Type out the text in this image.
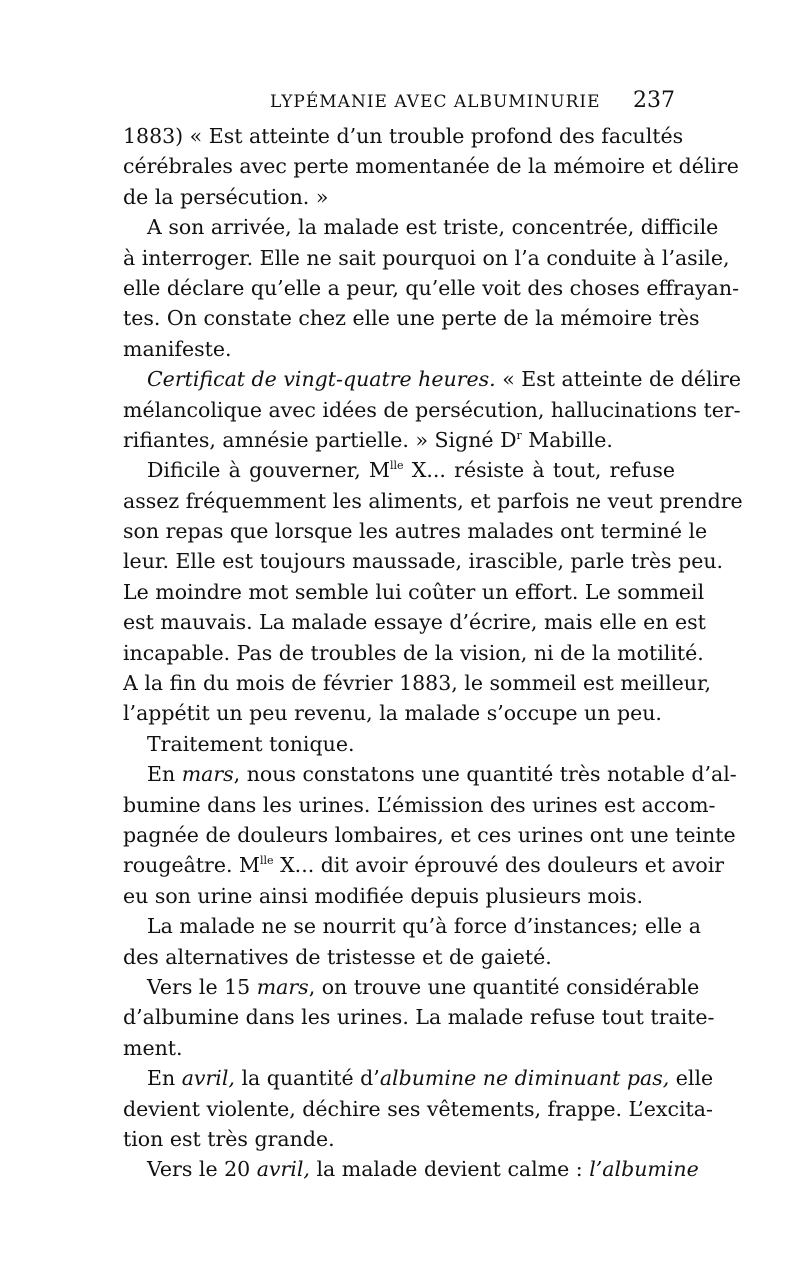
LYPÉMANIE AVEC ALBUMINURIE 237
1883) « Est atteinte d’un trouble profond des facultés
cérébrales avec perte momentanée de la mémoire et délire
de la persécution. »
A son arrivée, la malade est triste, concentrée, difficile
à interroger. Elle ne sait pourquoi on l’a conduite à l’asile,
elle déclare qu’elle a peur, qu’elle voit des choses effrayan-
tes. On constate chez elle une perte de la mémoire très
manifeste.
Certificat de vingt-quatre heures. « Est atteinte de délire
mélancolique avec idées de persécution, hallucinations ter-
rifiantes, amnésie partielle. » Signé $D^r$ Mabille.
Dificile à gouverner, $M^{lle}$ X... résiste à tout, refuse
assez fréquemment les aliments, et parfois ne veut prendre
son repas que lorsque les autres malades ont terminé le
leur. Elle est toujours maussade, irascible, parle très peu.
Le moindre mot semble lui coûter un effort. Le sommeil
est mauvais. La malade essaye d’écrire, mais elle en est
incapable. Pas de troubles de la vision, ni de la motilité.
A la fin du mois de février 1883, le sommeil est meilleur,
l’appétit un peu revenu, la malade s’occupe un peu.
Traitement tonique.
En mars, nous constatons une quantité très notable d’al-
bumine dans les urines. L’émission des urines est accom-
pagnée de douleurs lombaires, et ces urines ont une teinte
rougeâtre. $M^{lle}$ X... dit avoir éprouvé des douleurs et avoir
eu son urine ainsi modifiée depuis plusieurs mois.
La malade ne se nourrit qu’à force d’instances; elle a
des alternatives de tristesse et de gaieté.
Vers le 15 mars, on trouve une quantité considérable
d’albumine dans les urines. La malade refuse tout traite-
ment.
En avril, la quantité d’albumine ne diminuant pas, elle
devient violente, déchire ses vêtements, frappe. L’excita-
tion est très grande.
Vers le 20 avril, la malade devient calme : l’albumine
